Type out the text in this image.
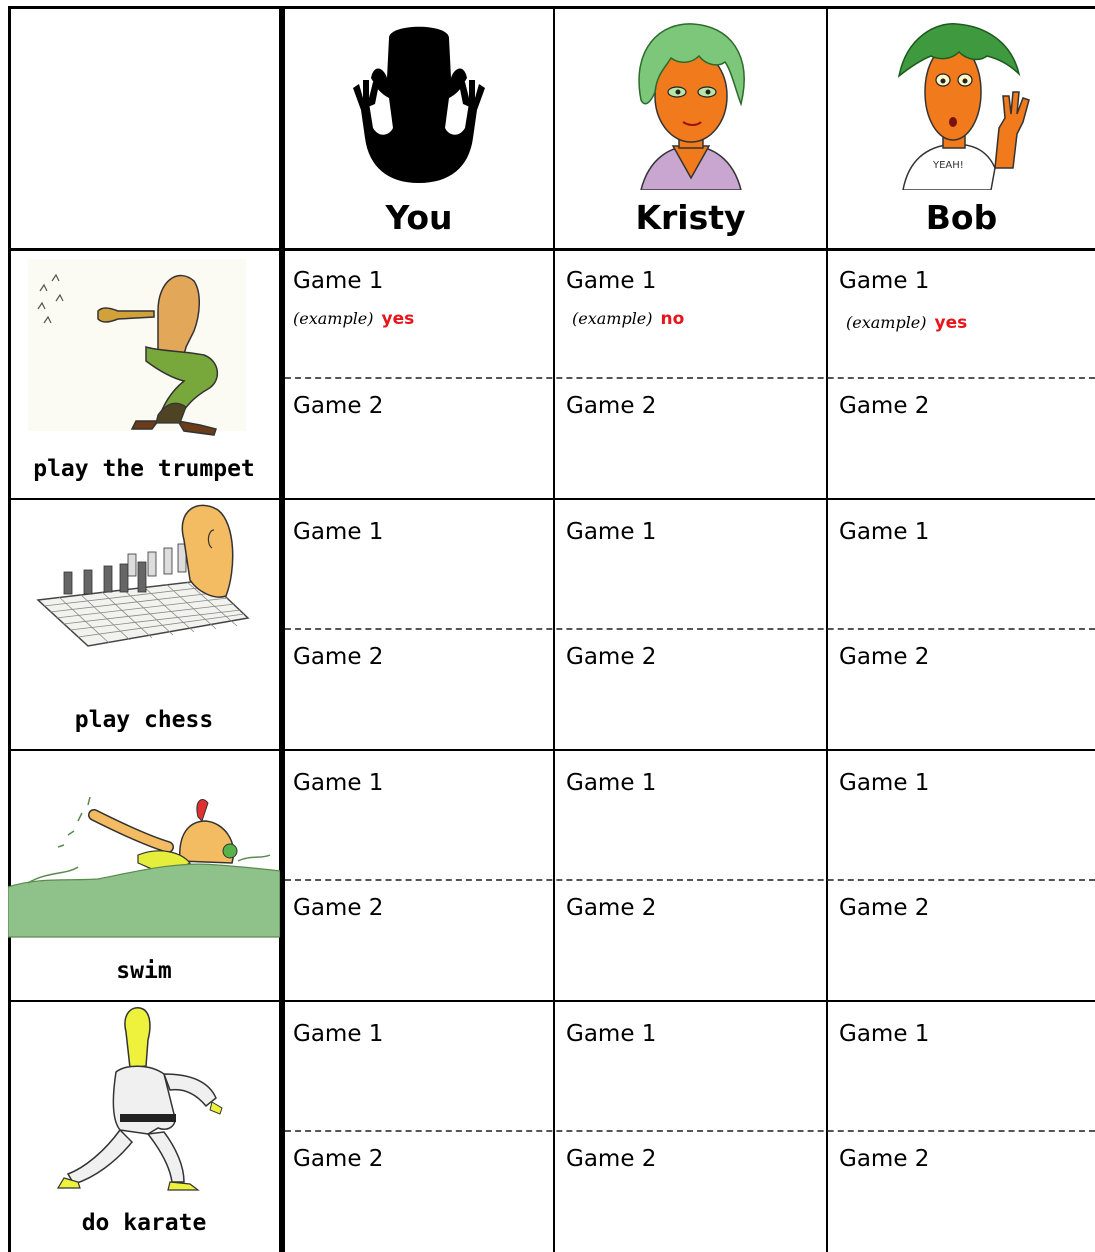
You	Kristy
YEAH!
Bob
play the trumpet
play chess
swim
do karate
Game 1
(example) yes
Game 2
Game 1
(example) no
Game 2
Game 1
(example) yes
Game 2
Game 1
Game 2
Game 1
Game 2
Game 1
Game 2
Game 1
Game 2
Game 1
Game 2
Game 1
Game 2
Game 1
Game 2
Game 1
Game 2
Game 1
Game 2
